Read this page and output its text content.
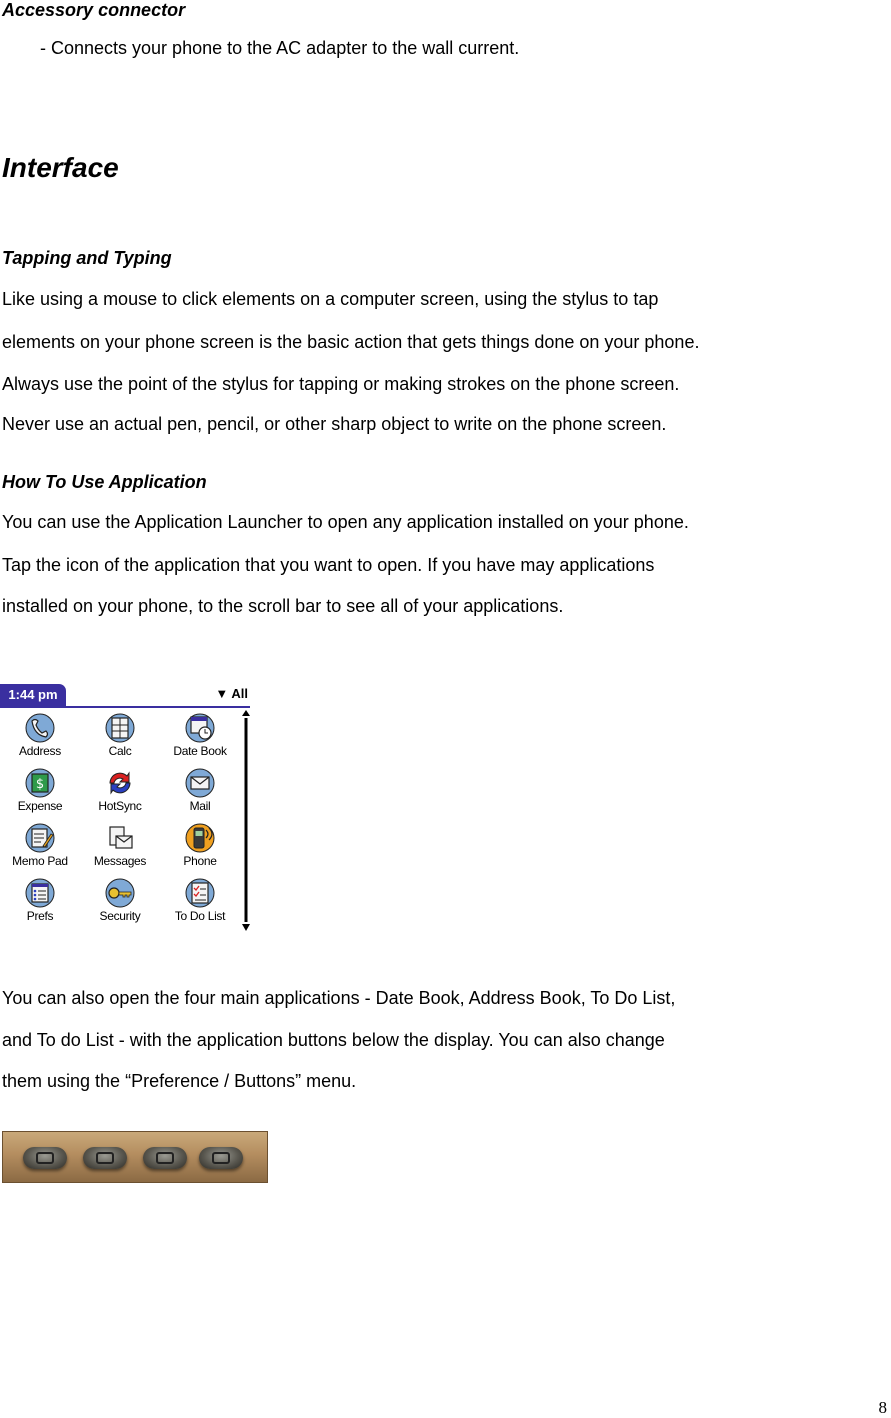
Accessory connector
- Connects your phone to the AC adapter to the wall current.
Interface
Tapping and Typing
Like using a mouse to click elements on a computer screen, using the stylus to tap
elements on your phone screen is the basic action that gets things done on your phone.
Always use the point of the stylus for tapping or making strokes on the phone screen.
Never use an actual pen, pencil, or other sharp object to write on the phone screen.
How To Use Application
You can use the Application Launcher to open any application installed on your phone.
Tap the icon of the application that you want to open. If you have may applications
installed on your phone, to the scroll bar to see all of your applications.
1:44 pm	▼ All
Address	Calc	Date Book
$
Expense	HotSync	Mail
Memo Pad	Messages	Phone
Prefs	Security	To Do List
You can also open the four main applications - Date Book, Address Book, To Do List,
and To do List - with the application buttons below the display. You can also change
them using the “Preference / Buttons” menu.
8
